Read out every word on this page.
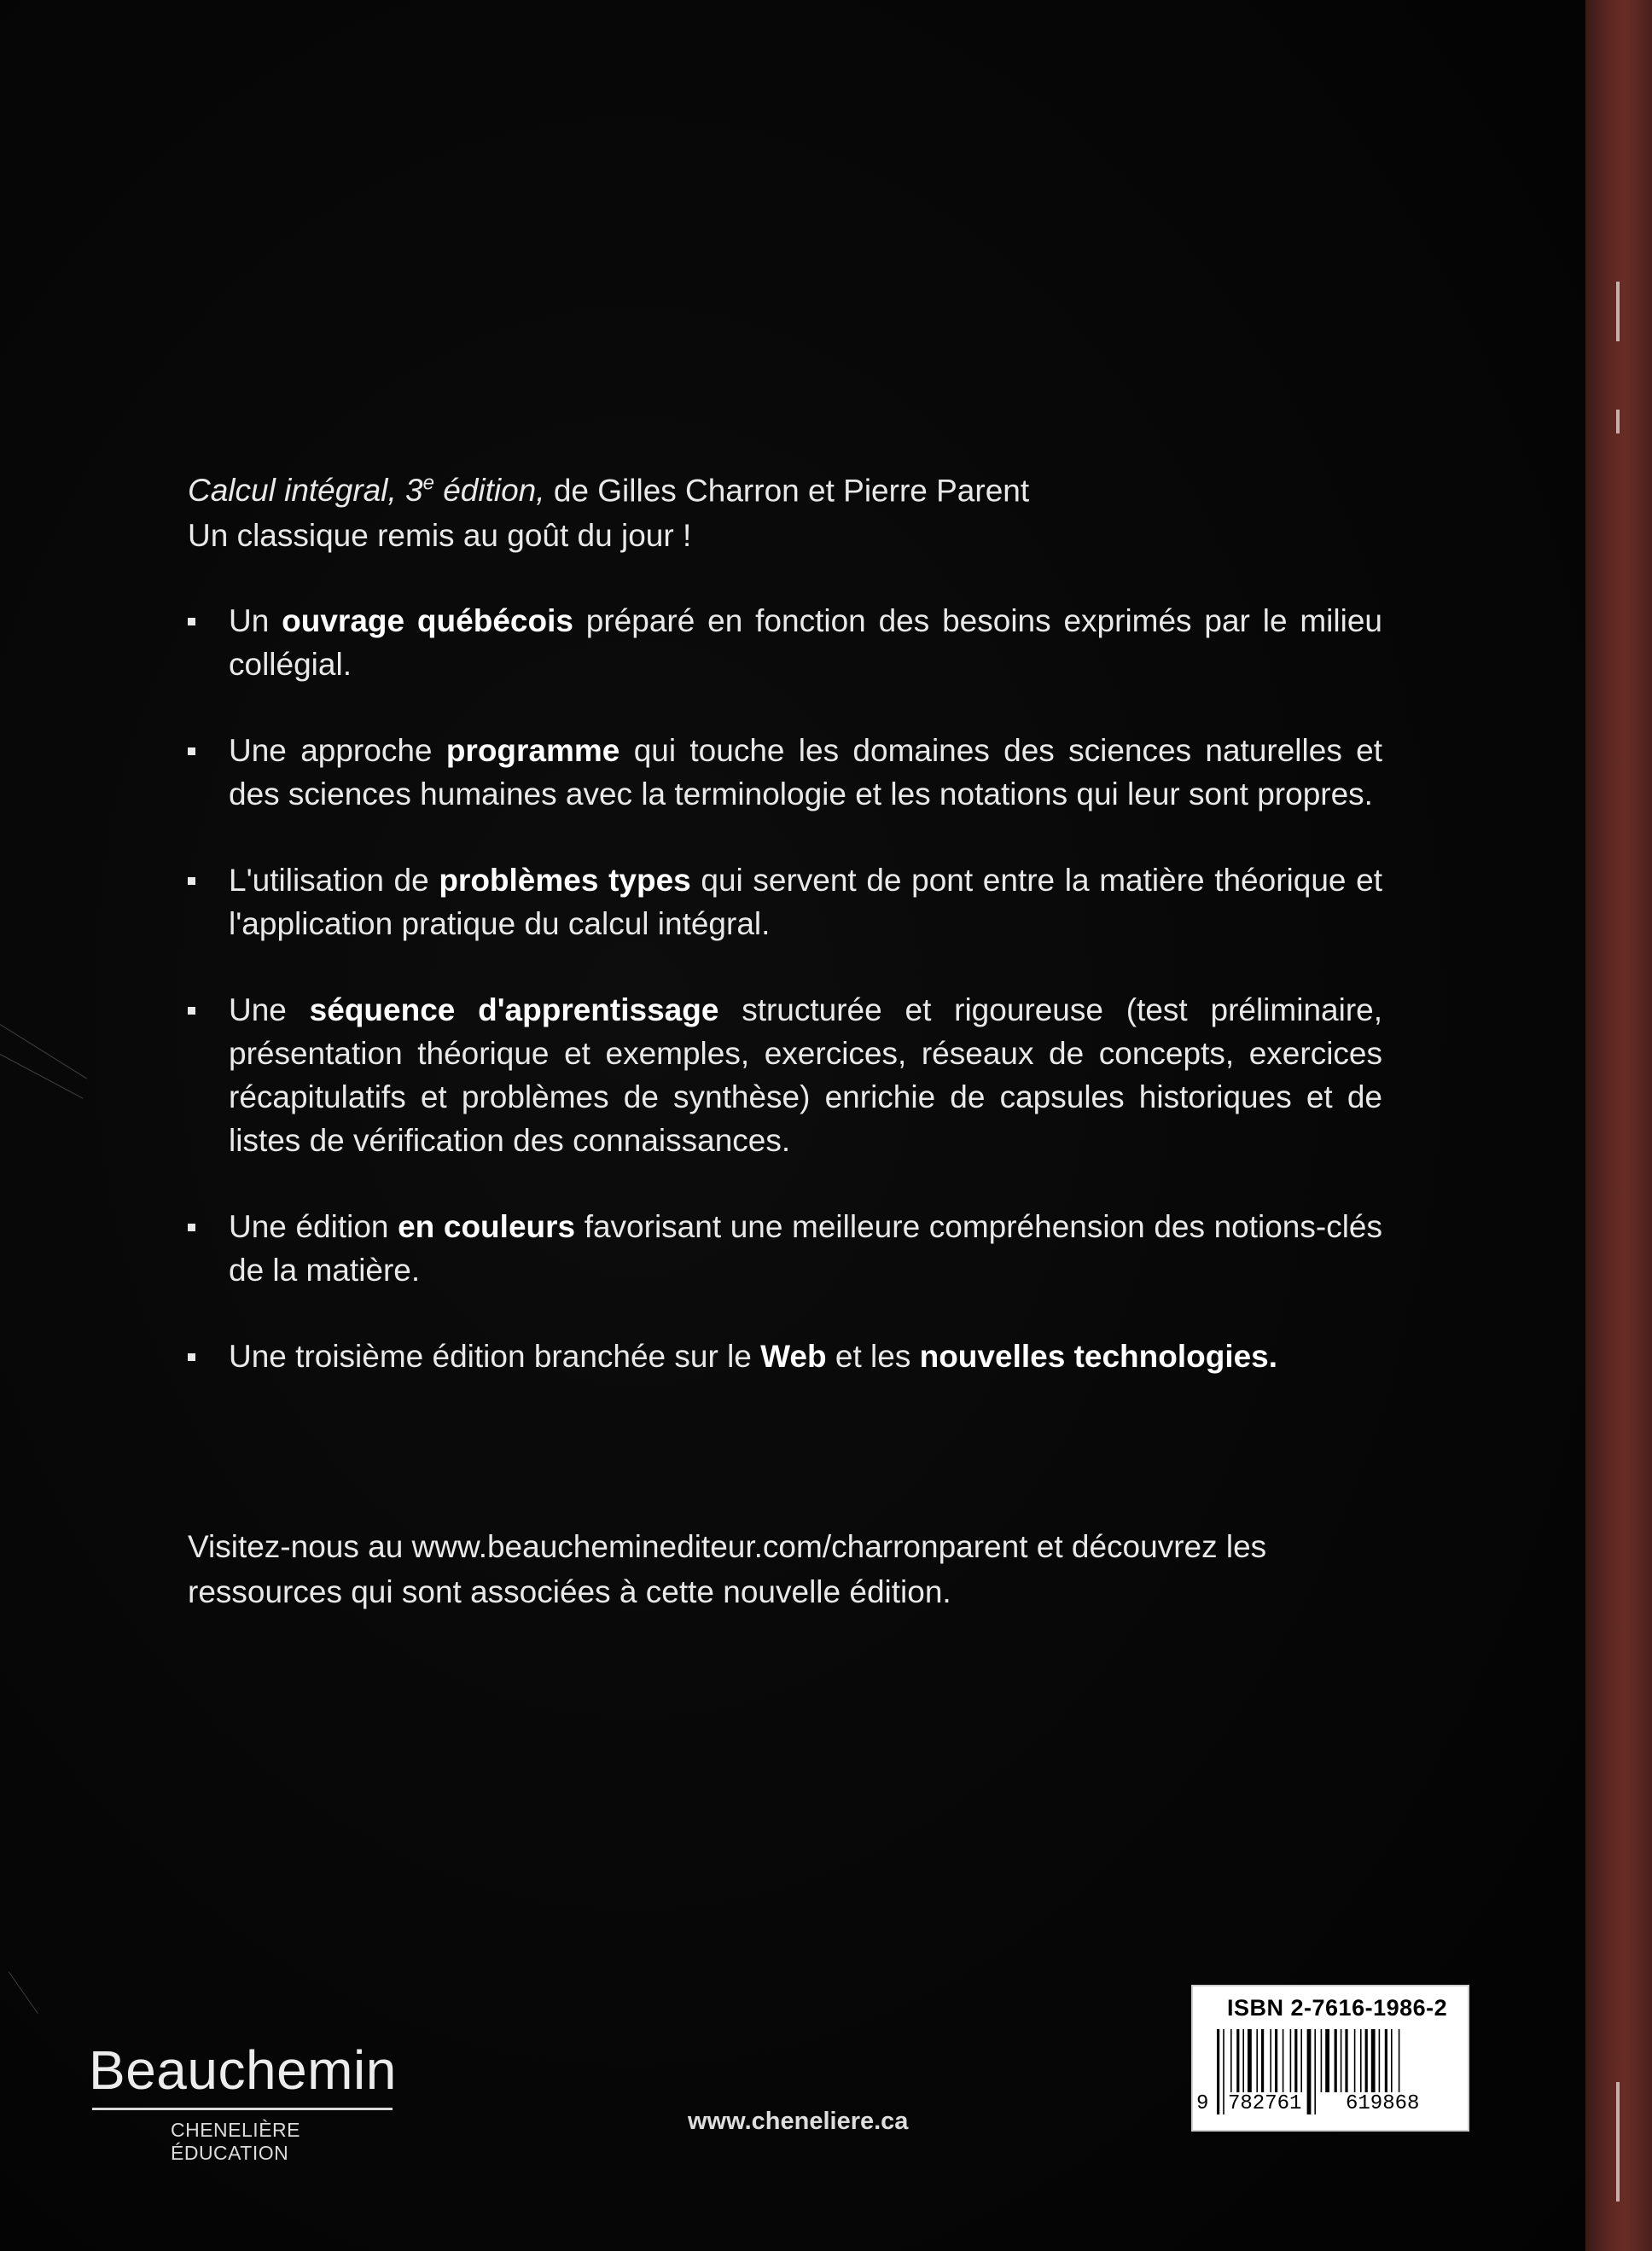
Calcul intégral, 3e édition, de Gilles Charron et Pierre Parent

Un classique remis au goût du jour !

Un ouvrage québécois préparé en fonction des besoins exprimés par le milieu collégial.
Une approche programme qui touche les domaines des sciences naturelles et des sciences humaines avec la terminologie et les notations qui leur sont propres.
L'utilisation de problèmes types qui servent de pont entre la matière théorique et l'application pratique du calcul intégral.
Une séquence d'apprentissage structurée et rigoureuse (test préliminaire, présentation théorique et exemples, exercices, réseaux de concepts, exercices récapitulatifs et problèmes de synthèse) enrichie de capsules historiques et de listes de vérification des connaissances.
Une édition en couleurs favorisant une meilleure compréhension des notions-clés de la matière.
Une troisième édition branchée sur le Web et les nouvelles technologies.
Visitez-nous au www.beaucheminediteur.com/charronparent et découvrez les ressources qui sont associées à cette nouvelle édition.
Beauchemin
CHENELIÈRE ÉDUCATION
www.cheneliere.ca
ISBN 2-7616-1986-2
9 782761 619868
